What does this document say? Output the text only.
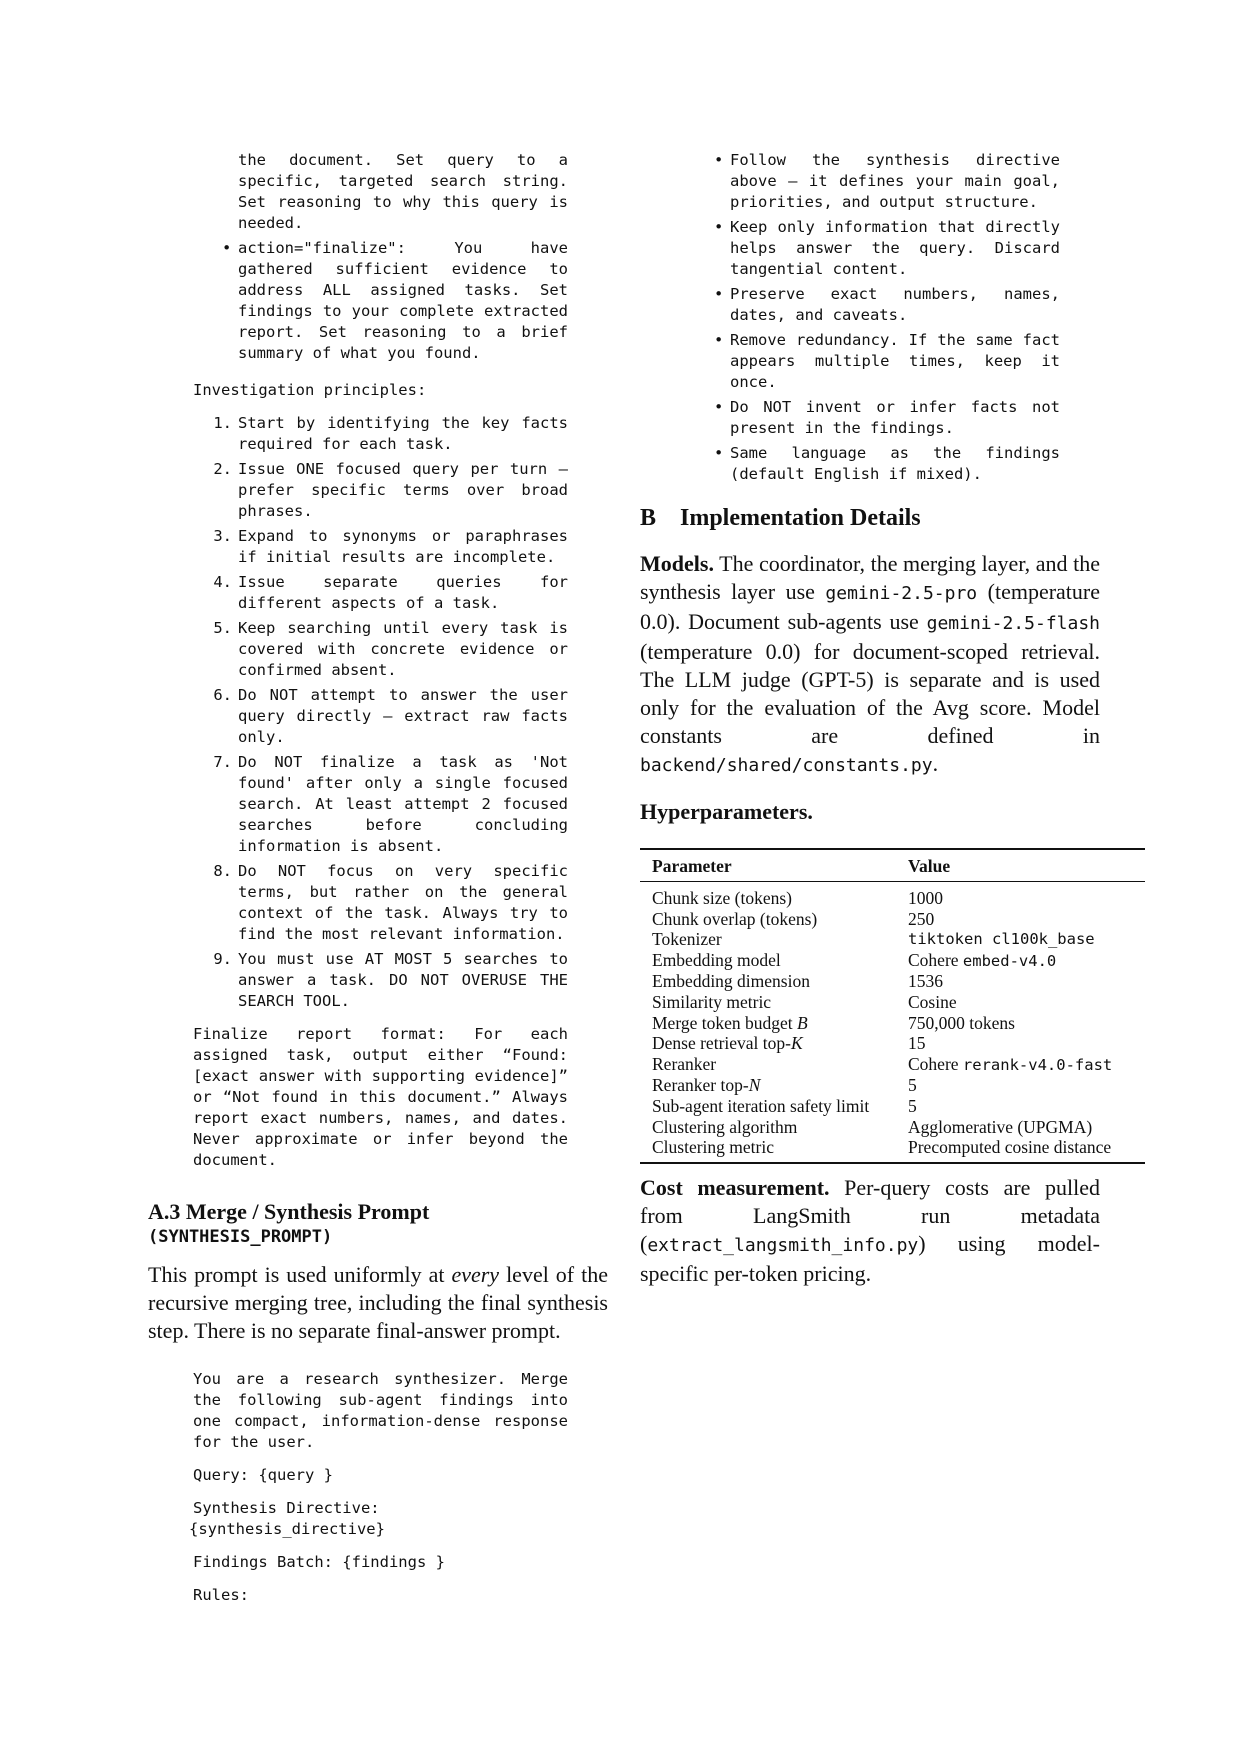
the document. Set query to a specific, targeted search string. Set reasoning to why this query is needed.
• action="finalize": You have gathered sufficient evidence to address ALL assigned tasks. Set findings to your complete extracted report. Set reasoning to a brief summary of what you found.
Investigation principles:
1. Start by identifying the key facts required for each task.
2. Issue ONE focused query per turn — prefer specific terms over broad phrases.
3. Expand to synonyms or paraphrases if initial results are incomplete.
4. Issue separate queries for different aspects of a task.
5. Keep searching until every task is covered with concrete evidence or confirmed absent.
6. Do NOT attempt to answer the user query directly — extract raw facts only.
7. Do NOT finalize a task as 'Not found' after only a single focused search. At least attempt 2 focused searches before concluding information is absent.
8. Do NOT focus on very specific terms, but rather on the general context of the task. Always try to find the most relevant information.
9. You must use AT MOST 5 searches to answer a task. DO NOT OVERUSE THE SEARCH TOOL.
Finalize report format: For each assigned task, output either “Found: [exact answer with supporting evidence]” or “Not found in this document.” Always report exact numbers, names, and dates. Never approximate or infer beyond the document.
A.3 Merge / Synthesis Prompt
(SYNTHESIS_PROMPT)

This prompt is used uniformly at every level of the recursive merging tree, including the final synthesis step. There is no separate final-answer prompt.

You are a research synthesizer. Merge the following sub-agent findings into one compact, information-dense response for the user.

Query: {query }

Synthesis Directive:
{synthesis_directive}

Findings Batch: {findings }

Rules:

• Follow the synthesis directive above — it defines your main goal, priorities, and output structure.
• Keep only information that directly helps answer the query. Discard tangential content.
• Preserve exact numbers, names, dates, and caveats.
• Remove redundancy. If the same fact appears multiple times, keep it once.
• Do NOT invent or infer facts not present in the findings.
• Same language as the findings (default English if mixed).
B Implementation Details

Models. The coordinator, the merging layer, and the synthesis layer use gemini-2.5-pro (temperature 0.0). Document sub-agents use gemini-2.5-flash (temperature 0.0) for document-scoped retrieval. The LLM judge (GPT-5) is separate and is used only for the evaluation of the Avg score. Model constants are defined in backend/shared/constants.py.

Hyperparameters.

Parameter	Value
Chunk size (tokens)	1000
Chunk overlap (tokens)	250
Tokenizer	tiktoken cl100k_base
Embedding model	Cohere embed-v4.0
Embedding dimension	1536
Similarity metric	Cosine
Merge token budget B	750,000 tokens
Dense retrieval top-K	15
Reranker	Cohere rerank-v4.0-fast
Reranker top-N	5
Sub-agent iteration safety limit	5
Clustering algorithm	Agglomerative (UPGMA)
Clustering metric	Precomputed cosine distance

Cost measurement. Per-query costs are pulled from LangSmith run metadata (extract_langsmith_info.py) using model-specific per-token pricing.
